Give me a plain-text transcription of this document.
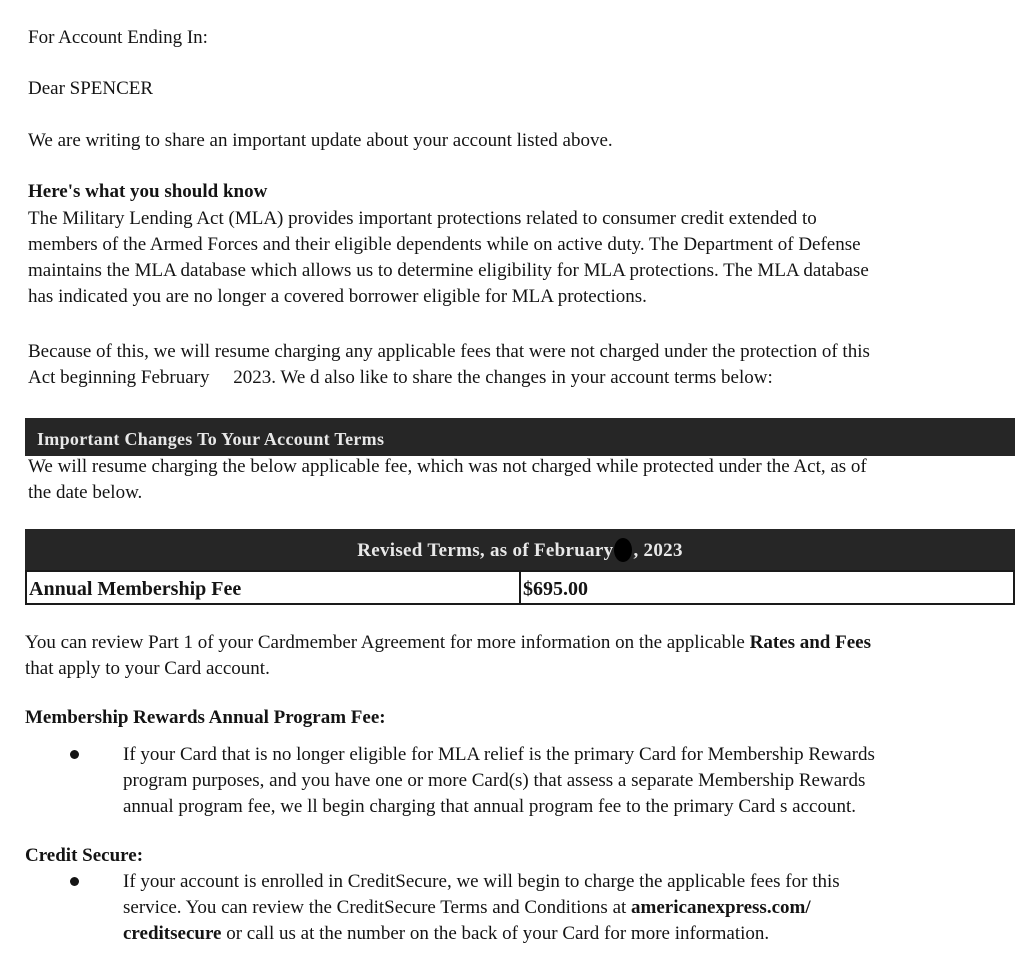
For Account Ending In:
Dear SPENCER
We are writing to share an important update about your account listed above.
Here's what you should know
The Military Lending Act (MLA) provides important protections related to consumer credit extended to
members of the Armed Forces and their eligible dependents while on active duty. The Department of Defense
maintains the MLA database which allows us to determine eligibility for MLA protections. The MLA database
has indicated you are no longer a covered borrower eligible for MLA protections.
Because of this, we will resume charging any applicable fees that were not charged under the protection of this
Act beginning February     2023. We d also like to share the changes in your account terms below:
Important Changes To Your Account Terms
We will resume charging the below applicable fee, which was not charged while protected under the Act, as of
the date below.
Revised Terms, as of February , 2023
Annual Membership Fee	$695.00
You can review Part 1 of your Cardmember Agreement for more information on the applicable Rates and Fees
that apply to your Card account.
Membership Rewards Annual Program Fee:
If your Card that is no longer eligible for MLA relief is the primary Card for Membership Rewards
program purposes, and you have one or more Card(s) that assess a separate Membership Rewards
annual program fee, we ll begin charging that annual program fee to the primary Card s account.
Credit Secure:
If your account is enrolled in CreditSecure, we will begin to charge the applicable fees for this
service. You can review the CreditSecure Terms and Conditions at americanexpress.com/
creditsecure or call us at the number on the back of your Card for more information.
